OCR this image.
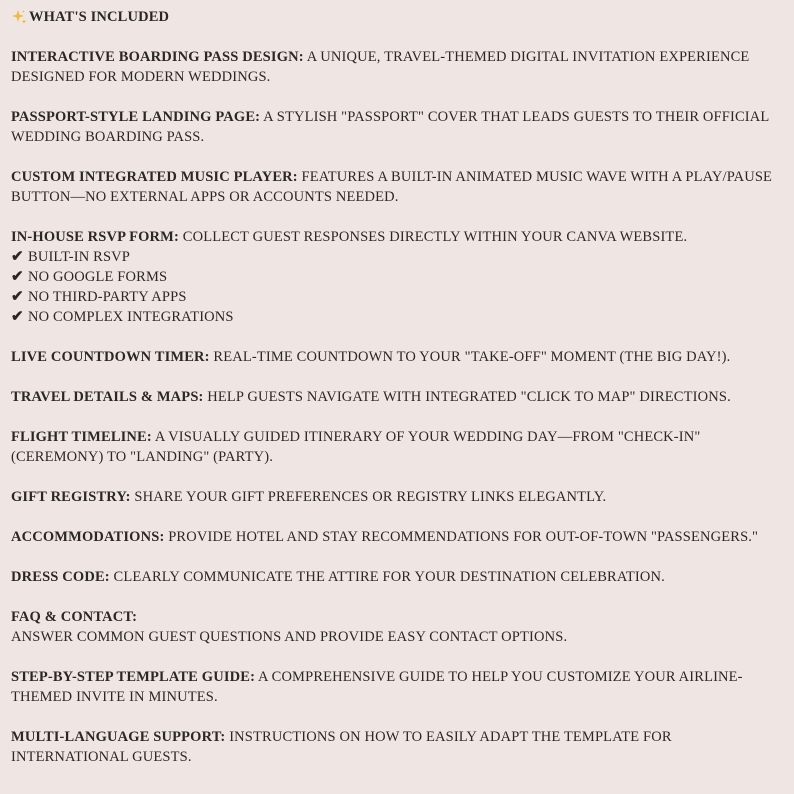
WHAT'S INCLUDED

INTERACTIVE BOARDING PASS DESIGN: A UNIQUE, TRAVEL-THEMED DIGITAL INVITATION EXPERIENCE DESIGNED FOR MODERN WEDDINGS.

PASSPORT-STYLE LANDING PAGE: A STYLISH "PASSPORT" COVER THAT LEADS GUESTS TO THEIR OFFICIAL WEDDING BOARDING PASS.

CUSTOM INTEGRATED MUSIC PLAYER: FEATURES A BUILT-IN ANIMATED MUSIC WAVE WITH A PLAY/PAUSE BUTTON—NO EXTERNAL APPS OR ACCOUNTS NEEDED.

IN-HOUSE RSVP FORM: COLLECT GUEST RESPONSES DIRECTLY WITHIN YOUR CANVA WEBSITE.
✔ BUILT-IN RSVP
✔ NO GOOGLE FORMS
✔ NO THIRD-PARTY APPS
✔ NO COMPLEX INTEGRATIONS

LIVE COUNTDOWN TIMER: REAL-TIME COUNTDOWN TO YOUR "TAKE-OFF" MOMENT (THE BIG DAY!).

TRAVEL DETAILS & MAPS: HELP GUESTS NAVIGATE WITH INTEGRATED "CLICK TO MAP" DIRECTIONS.

FLIGHT TIMELINE: A VISUALLY GUIDED ITINERARY OF YOUR WEDDING DAY—FROM "CHECK-IN" (CEREMONY) TO "LANDING" (PARTY).

GIFT REGISTRY: SHARE YOUR GIFT PREFERENCES OR REGISTRY LINKS ELEGANTLY.

ACCOMMODATIONS: PROVIDE HOTEL AND STAY RECOMMENDATIONS FOR OUT-OF-TOWN "PASSENGERS."

DRESS CODE: CLEARLY COMMUNICATE THE ATTIRE FOR YOUR DESTINATION CELEBRATION.

FAQ & CONTACT:
ANSWER COMMON GUEST QUESTIONS AND PROVIDE EASY CONTACT OPTIONS.

STEP-BY-STEP TEMPLATE GUIDE: A COMPREHENSIVE GUIDE TO HELP YOU CUSTOMIZE YOUR AIRLINE-THEMED INVITE IN MINUTES.

MULTI-LANGUAGE SUPPORT: INSTRUCTIONS ON HOW TO EASILY ADAPT THE TEMPLATE FOR INTERNATIONAL GUESTS.
